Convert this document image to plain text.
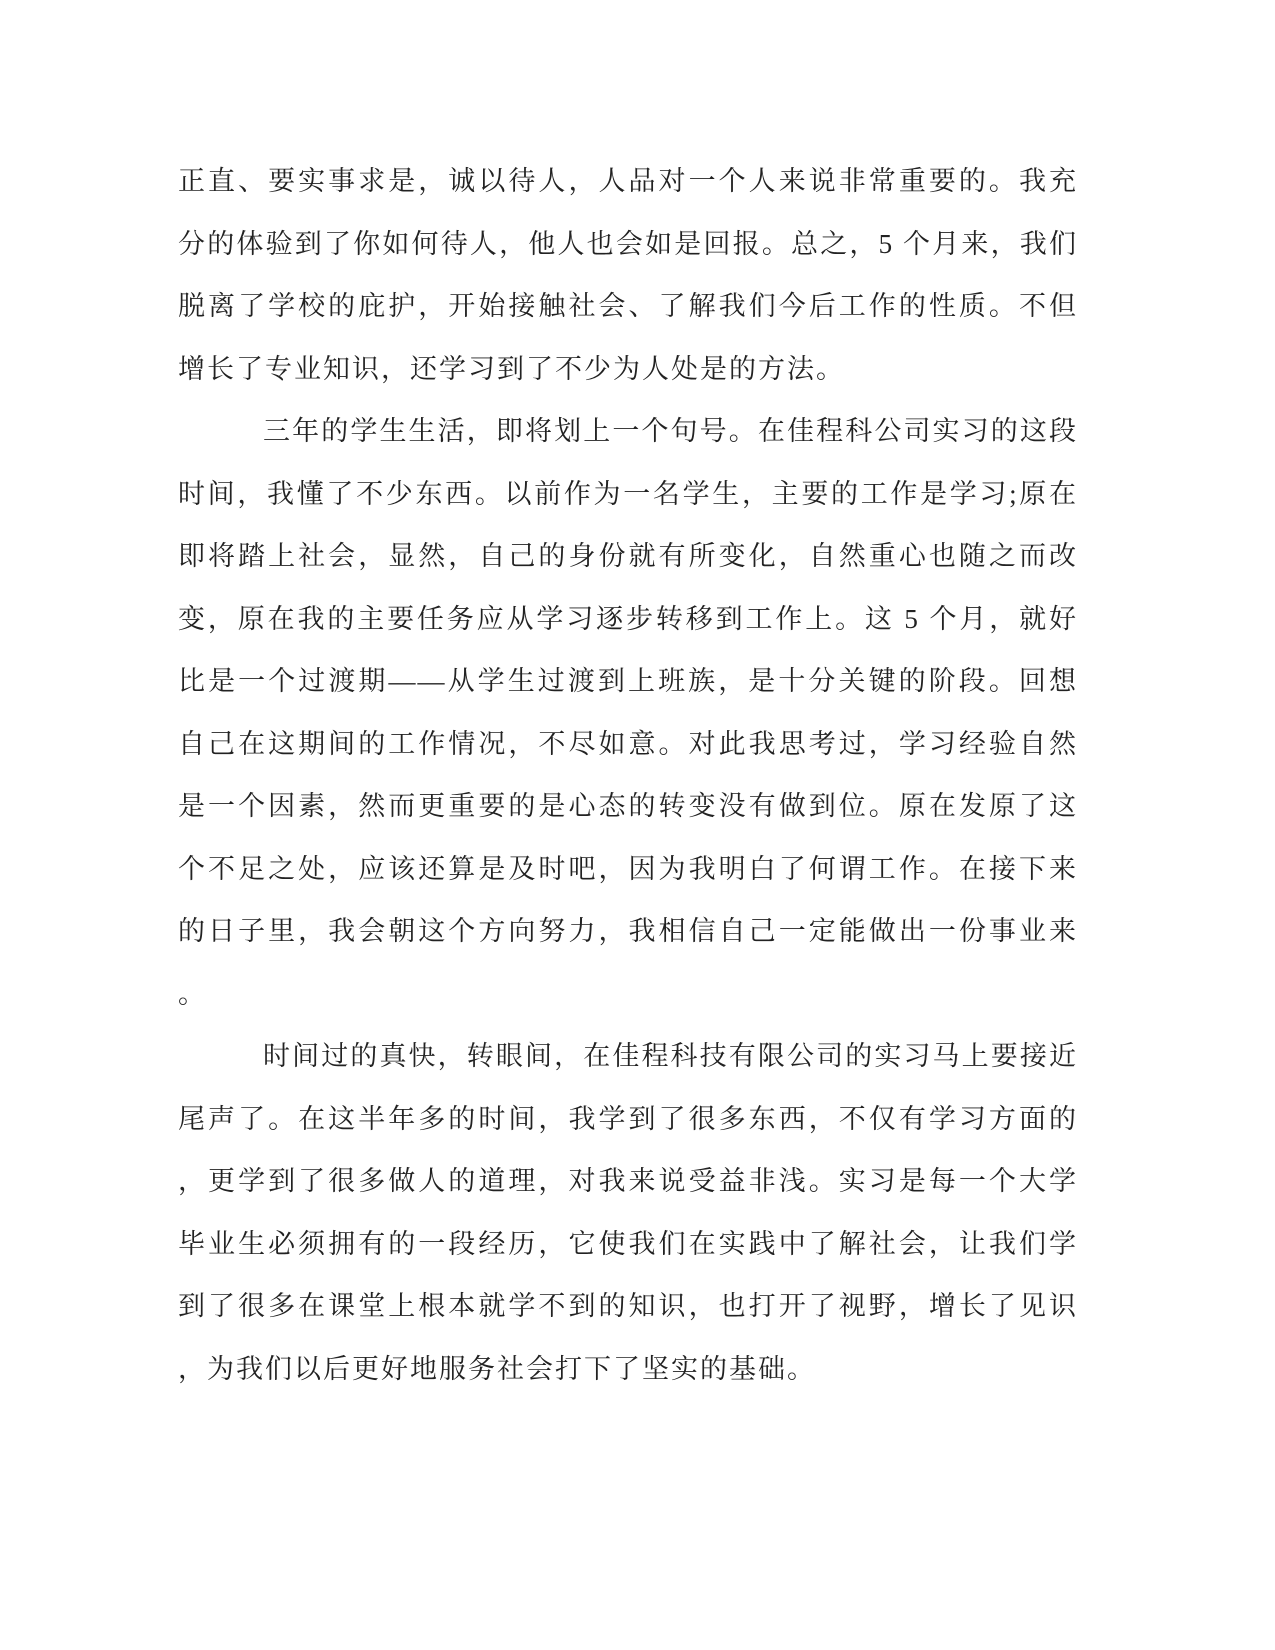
正直、要实事求是，诚以待人，人品对一个人来说非常重要的。我充
分的体验到了你如何待人，他人也会如是回报。总之，5 个月来，我们
脱离了学校的庇护，开始接触社会、了解我们今后工作的性质。不但
增长了专业知识，还学习到了不少为人处是的方法。
三年的学生生活，即将划上一个句号。在佳程科公司实习的这段
时间，我懂了不少东西。以前作为一名学生，主要的工作是学习;原在
即将踏上社会，显然，自己的身份就有所变化，自然重心也随之而改
变，原在我的主要任务应从学习逐步转移到工作上。这 5 个月，就好
比是一个过渡期——从学生过渡到上班族，是十分关键的阶段。回想
自己在这期间的工作情况，不尽如意。对此我思考过，学习经验自然
是一个因素，然而更重要的是心态的转变没有做到位。原在发原了这
个不足之处，应该还算是及时吧，因为我明白了何谓工作。在接下来
的日子里，我会朝这个方向努力，我相信自己一定能做出一份事业来
。
时间过的真快，转眼间，在佳程科技有限公司的实习马上要接近
尾声了。在这半年多的时间，我学到了很多东西，不仅有学习方面的
，更学到了很多做人的道理，对我来说受益非浅。实习是每一个大学
毕业生必须拥有的一段经历，它使我们在实践中了解社会，让我们学
到了很多在课堂上根本就学不到的知识，也打开了视野，增长了见识
，为我们以后更好地服务社会打下了坚实的基础。
